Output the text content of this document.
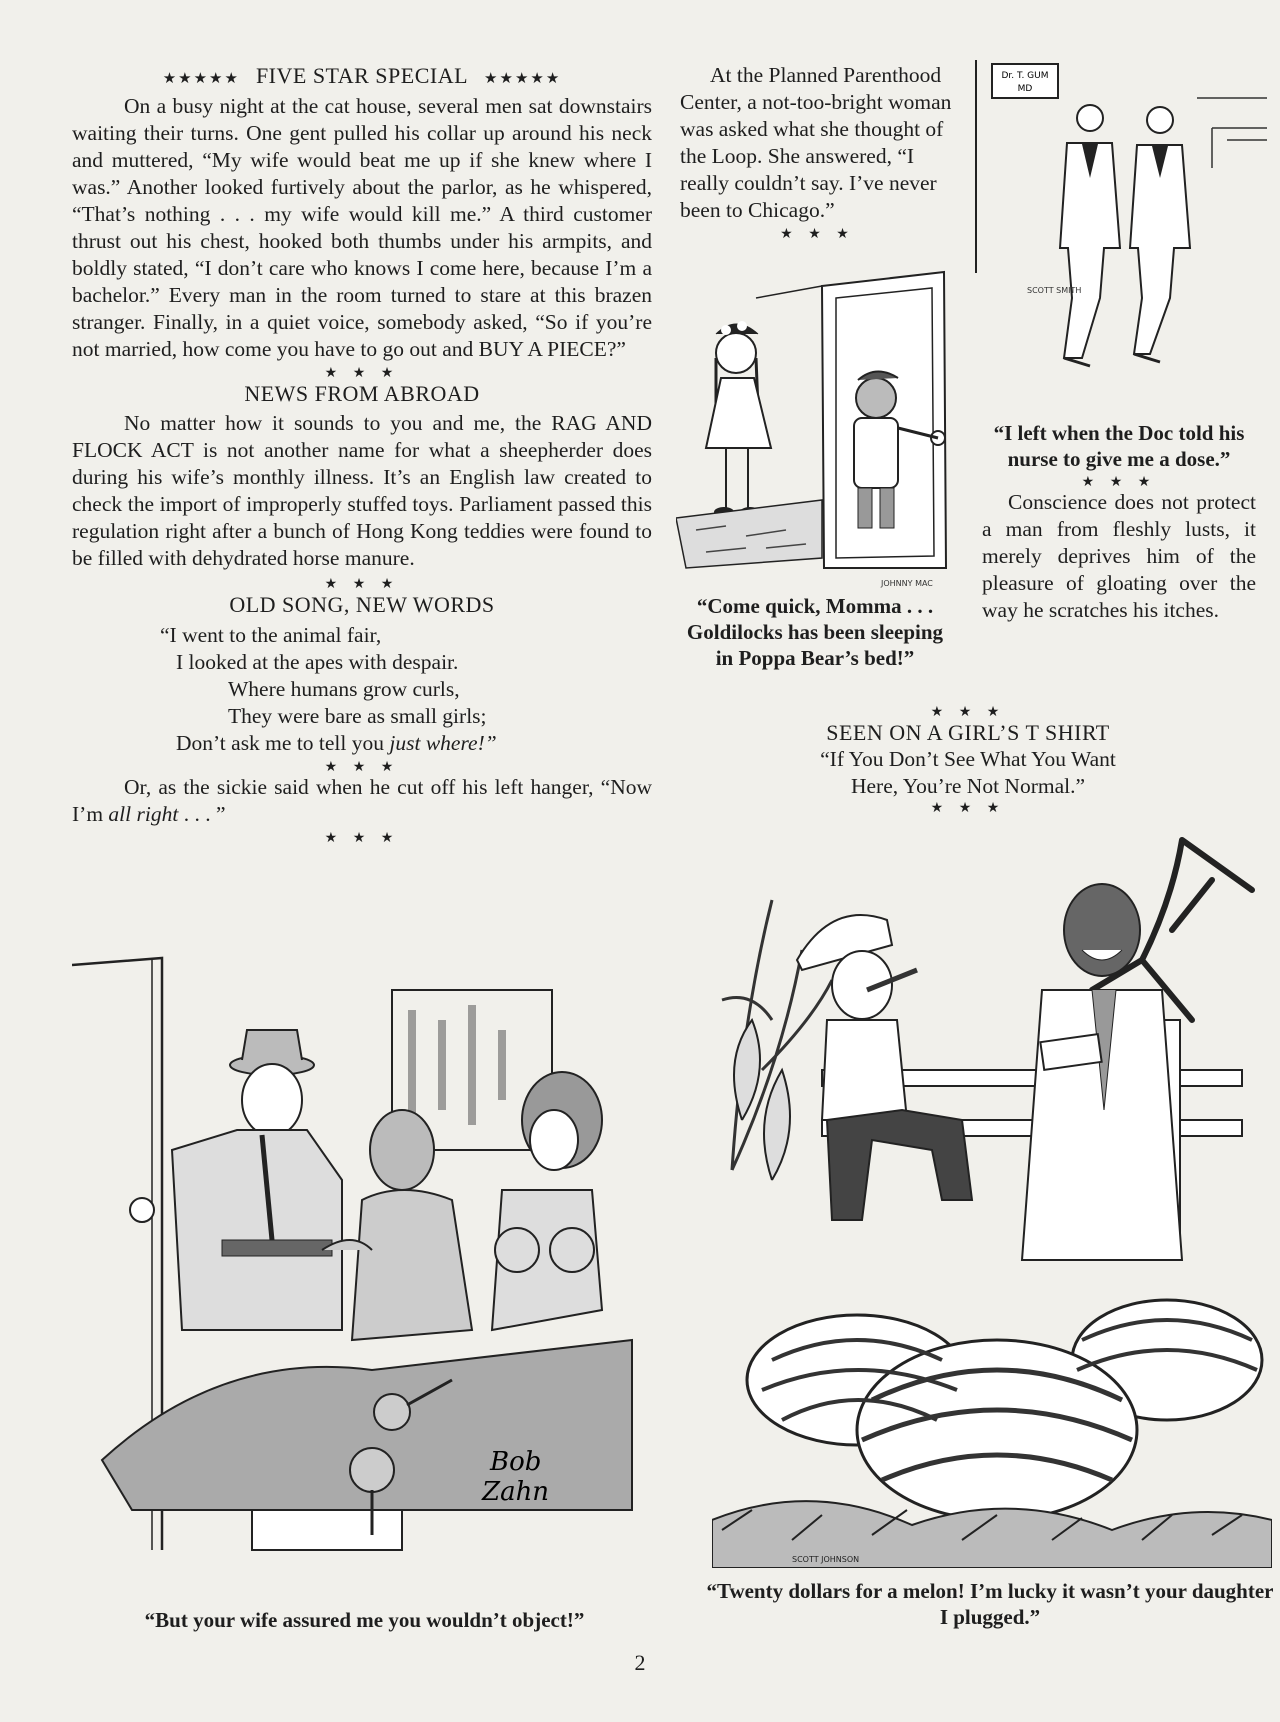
★★★★★ FIVE STAR SPECIAL ★★★★★

On a busy night at the cat house, several men sat downstairs waiting their turns. One gent pulled his collar up around his neck and muttered, “My wife would beat me up if she knew where I was.” Another looked furtively about the parlor, as he whispered, “That’s nothing . . . my wife would kill me.” A third customer thrust out his chest, hooked both thumbs under his armpits, and boldly stated, “I don’t care who knows I come here, because I’m a bachelor.” Every man in the room turned to stare at this brazen stranger. Finally, in a quiet voice, somebody asked, “So if you’re not married, how come you have to go out and BUY A PIECE?”

★ ★ ★
NEWS FROM ABROAD

No matter how it sounds to you and me, the RAG AND FLOCK ACT is not another name for what a sheepherder does during his wife’s monthly illness. It’s an English law created to check the import of improperly stuffed toys. Parliament passed this regulation right after a bunch of Hong Kong teddies were found to be filled with dehydrated horse manure.

★ ★ ★
OLD SONG, NEW WORDS
“I went to the animal fair,
I looked at the apes with despair.
Where humans grow curls,
They were bare as small girls;
Don’t ask me to tell you just where!”
★ ★ ★

Or, as the sickie said when he cut off his left hanger, “Now I’m all right . . . ”

★ ★ ★

At the Planned Parenthood Center, a not-too-bright woman was asked what she thought of the Loop. She answered, “I really couldn’t say. I’ve never been to Chicago.”

★ ★ ★
Dr. T. GUM
MD
SCOTT SMITH

“I left when the Doc told his nurse to give me a dose.”

★ ★ ★

Conscience does not protect a man from fleshly lusts, it merely deprives him of the pleasure of gloating over the way he scratches his itches.

JOHNNY MAC

“Come quick, Momma . . . Goldilocks has been sleeping in Poppa Bear’s bed!”

★ ★ ★
SEEN ON A GIRL’S T SHIRT

“If You Don’t See What You Want

Here, You’re Not Normal.”

★ ★ ★
Bob
Zahn

“But your wife assured me you wouldn’t object!”

SCOTT JOHNSON

“Twenty dollars for a melon! I’m lucky it wasn’t your daughter I plugged.”

2
